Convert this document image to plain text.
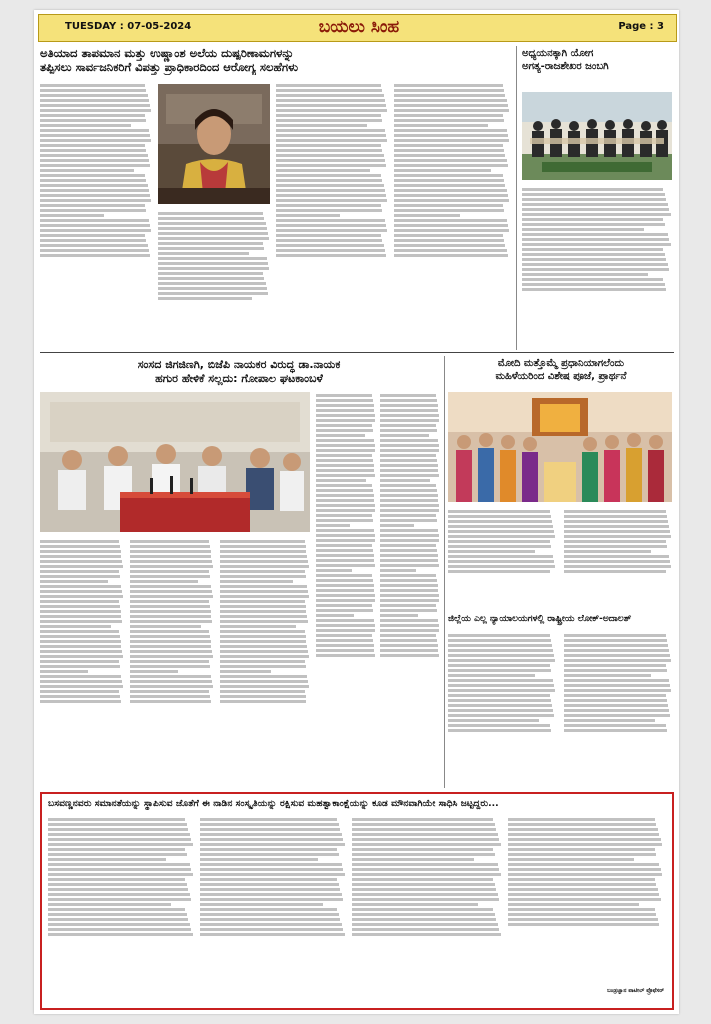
TUESDAY : 07-05-2024	ಬಯಲು ಸಿಂಹ	Page : 3
ಅತಿಯಾದ ತಾಪಮಾನ ಮತ್ತು ಉಷ್ಣಾಂಶ ಅಲೆಯ ದುಷ್ಪರಿಣಾಮಗಳನ್ನು
ತಪ್ಪಿಸಲು ಸಾರ್ವಜನಿಕರಿಗೆ ವಿಪತ್ತು ಪ್ರಾಧಿಕಾರದಿಂದ ಆರೋಗ್ಯ ಸಲಹೆಗಳು
ಅಧ್ಯಯನಕ್ಕಾಗಿ ಯೋಗ
ಅಗತ್ಯ-ರಾಜಶೇಖರ ಜಂಬಗಿ
ಸಂಸದ ಜಿಗಜಿಣಗಿ, ಬಿಜೆಪಿ ನಾಯಕರ ವಿರುದ್ಧ ಡಾ.ನಾಯಕ
ಹಗುರ ಹೇಳಿಕೆ ಸಲ್ಲದು: ಗೋಪಾಲ ಘಟಕಾಂಬಳೆ
ಮೋದಿ ಮತ್ತೊಮ್ಮೆ ಪ್ರಧಾನಿಯಾಗಲೆಂದು
ಮಹಿಳೆಯರಿಂದ ವಿಶೇಷ ಪೂಜೆ, ಪ್ರಾರ್ಥನೆ
ಜಿಲ್ಲೆಯ ಎಲ್ಲ ನ್ಯಾಯಾಲಯಗಳಲ್ಲಿ ರಾಷ್ಟ್ರೀಯ ಲೋಕ್-ಅದಾಲತ್
ಬಸವಣ್ಣನವರು ಸಮಾನತೆಯನ್ನು ಸ್ಥಾಪಿಸುವ ಜೊತೆಗೆ ಈ ನಾಡಿನ ಸಂಸ್ಕೃತಿಯನ್ನು ರಕ್ಷಿಸುವ ಮಹತ್ವಾಕಾಂಕ್ಷೆಯನ್ನು ಕೂಡ ಮೌನವಾಗಿಯೇ ಸಾಧಿಸಿ ಜಟ್ಟದ್ದರು...
ಬಂಡ್ರಜ್ಞಾನ ಪಾಟೀಲ್ ಪ್ರೊಫೆಸರ್
